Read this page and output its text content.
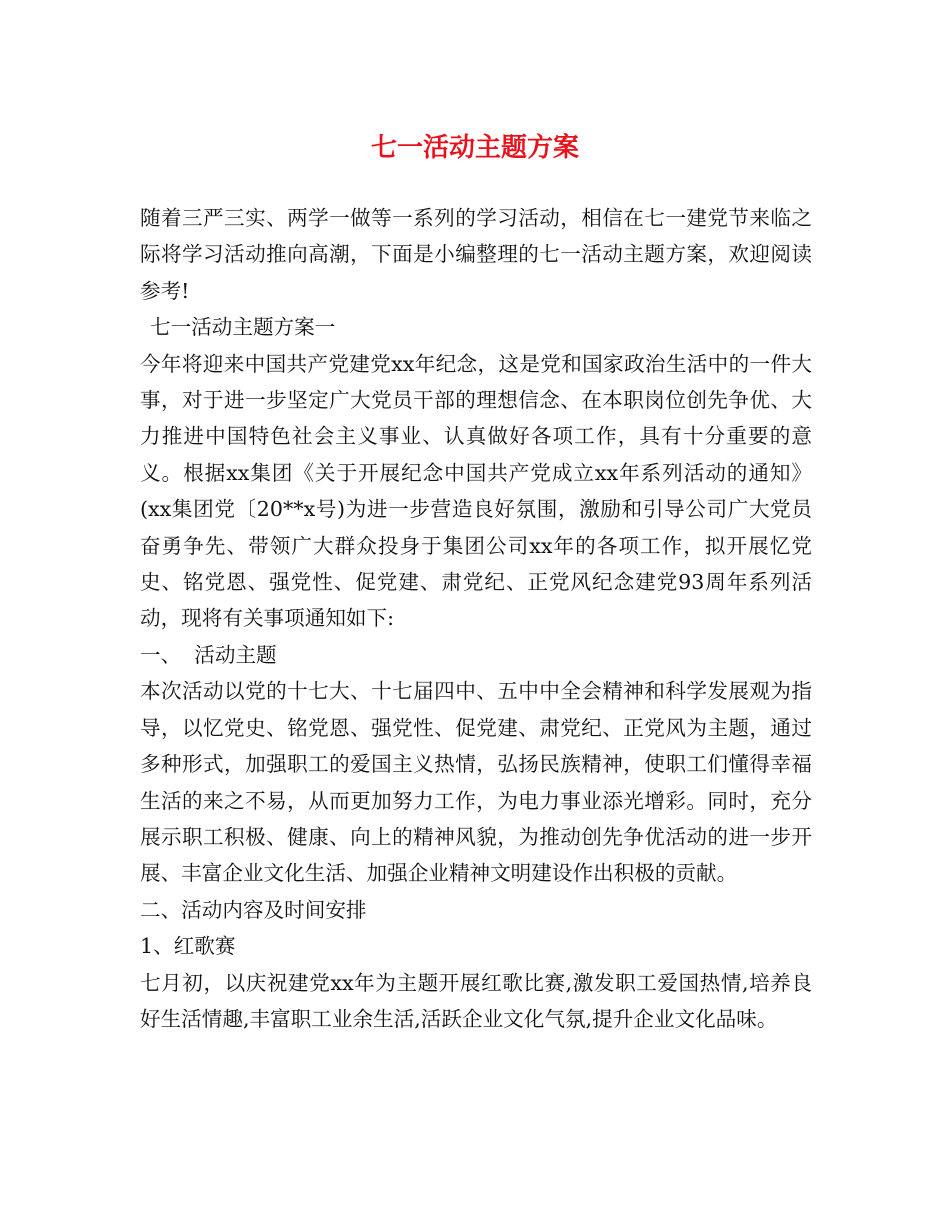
七一活动主题方案

随着三严三实、两学一做等一系列的学习活动，相信在七一建党节来临之际将学习活动推向高潮，下面是小编整理的七一活动主题方案，欢迎阅读参考!

七一活动主题方案一

今年将迎来中国共产党建党xx年纪念，这是党和国家政治生活中的一件大事，对于进一步坚定广大党员干部的理想信念、在本职岗位创先争优、大力推进中国特色社会主义事业、认真做好各项工作，具有十分重要的意义。根据xx集团《关于开展纪念中国共产党成立xx年系列活动的通知》(xx集团党〔20**x号)为进一步营造良好氛围，激励和引导公司广大党员奋勇争先、带领广大群众投身于集团公司xx年的各项工作，拟开展忆党史、铭党恩、强党性、促党建、肃党纪、正党风纪念建党93周年系列活动，现将有关事项通知如下:

一、  活动主题

本次活动以党的十七大、十七届四中、五中中全会精神和科学发展观为指导，以忆党史、铭党恩、强党性、促党建、肃党纪、正党风为主题，通过多种形式，加强职工的爱国主义热情，弘扬民族精神，使职工们懂得幸福生活的来之不易，从而更加努力工作，为电力事业添光增彩。同时，充分展示职工积极、健康、向上的精神风貌，为推动创先争优活动的进一步开展、丰富企业文化生活、加强企业精神文明建设作出积极的贡献。

二、活动内容及时间安排

1、红歌赛

七月初，以庆祝建党xx年为主题开展红歌比赛,激发职工爱国热情,培养良好生活情趣,丰富职工业余生活,活跃企业文化气氛,提升企业文化品味。
